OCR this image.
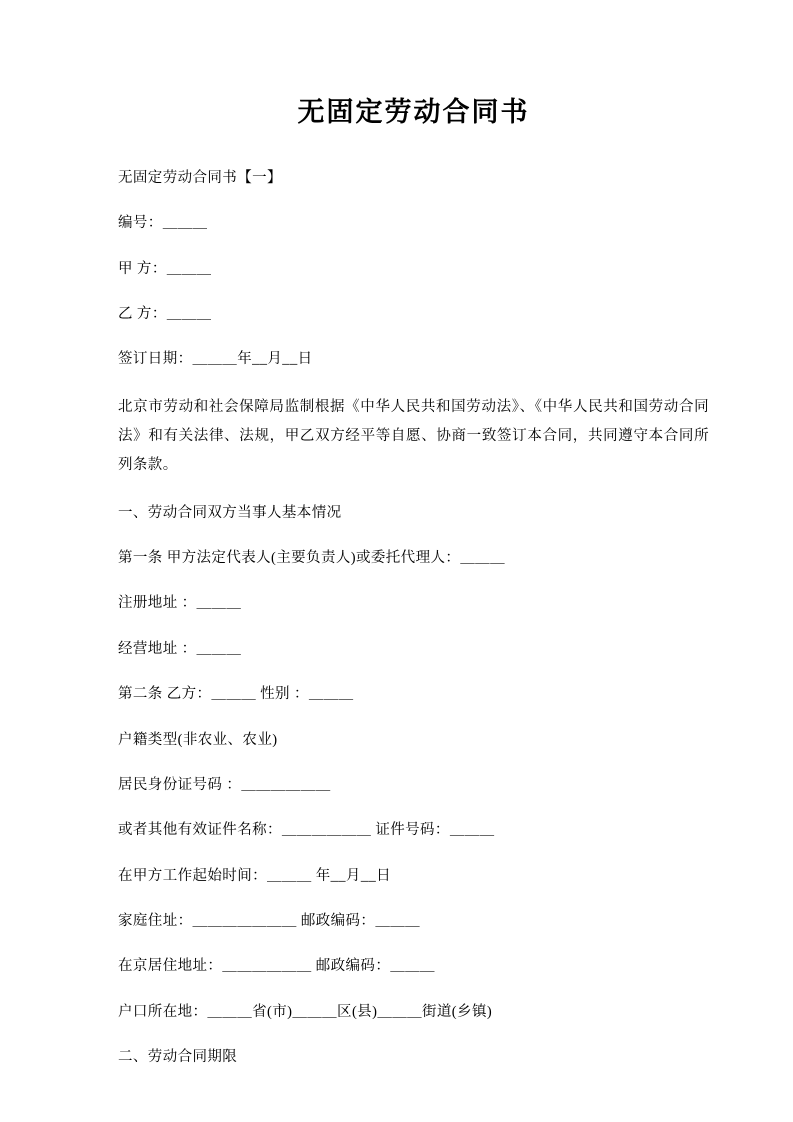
无固定劳动合同书

无固定劳动合同书【一】

编号：＿＿＿

甲 方：＿＿＿

乙 方：＿＿＿

签订日期：＿＿＿年__月__日

北京市劳动和社会保障局监制根据《中华人民共和国劳动法》、《中华人民共和国劳动合同法》和有关法律、法规，甲乙双方经平等自愿、协商一致签订本合同，共同遵守本合同所列条款。

一、劳动合同双方当事人基本情况

第一条 甲方法定代表人(主要负责人)或委托代理人：＿＿＿

注册地址 ：＿＿＿

经营地址 ：＿＿＿

第二条 乙方：＿＿＿ 性别 ：＿＿＿

户籍类型(非农业、农业)

居民身份证号码 ：＿＿＿＿＿＿

或者其他有效证件名称：＿＿＿＿＿＿ 证件号码：＿＿＿

在甲方工作起始时间：＿＿＿ 年__月__日

家庭住址：＿＿＿＿＿＿＿ 邮政编码：＿＿＿

在京居住地址：＿＿＿＿＿＿ 邮政编码：＿＿＿

户口所在地：＿＿＿省(市)＿＿＿区(县)＿＿＿街道(乡镇)

二、劳动合同期限
